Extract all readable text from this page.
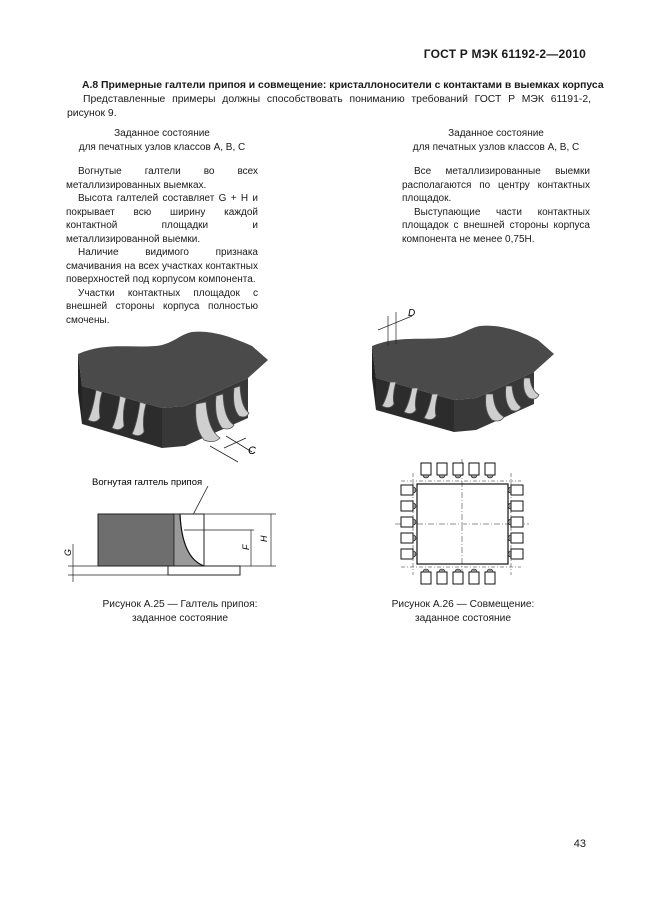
ГОСТ Р МЭК 61192-2—2010
А.8 Примерные галтели припоя и совмещение: кристаллоносители с контактами в выемках корпуса
Представленные примеры должны способствовать пониманию требований ГОСТ Р МЭК 61191-2, рисунок 9.
Заданное состояние
для печатных узлов классов А, В, С

Вогнутые галтели во всех металлизированных выемках.

Высота галтелей составляет G + H и покрывает всю ширину каждой контактной площадки и металлизированной выемки.

Наличие видимого признака смачивания на всех участках контактных поверхностей под корпусом компонента.

Участки контактных площадок с внешней стороны корпуса полностью смочены.

Заданное состояние
для печатных узлов классов А, В, С

Все металлизированные выемки располагаются по центру контактных площадок.

Выступающие части контактных площадок с внешней стороны корпуса компонента не менее 0,75H.

C
Вогнутая галтель припоя
G
F
H
D
Рисунок А.25 — Галтель припоя:
заданное состояние
Рисунок А.26 — Совмещение:
заданное состояние
43
